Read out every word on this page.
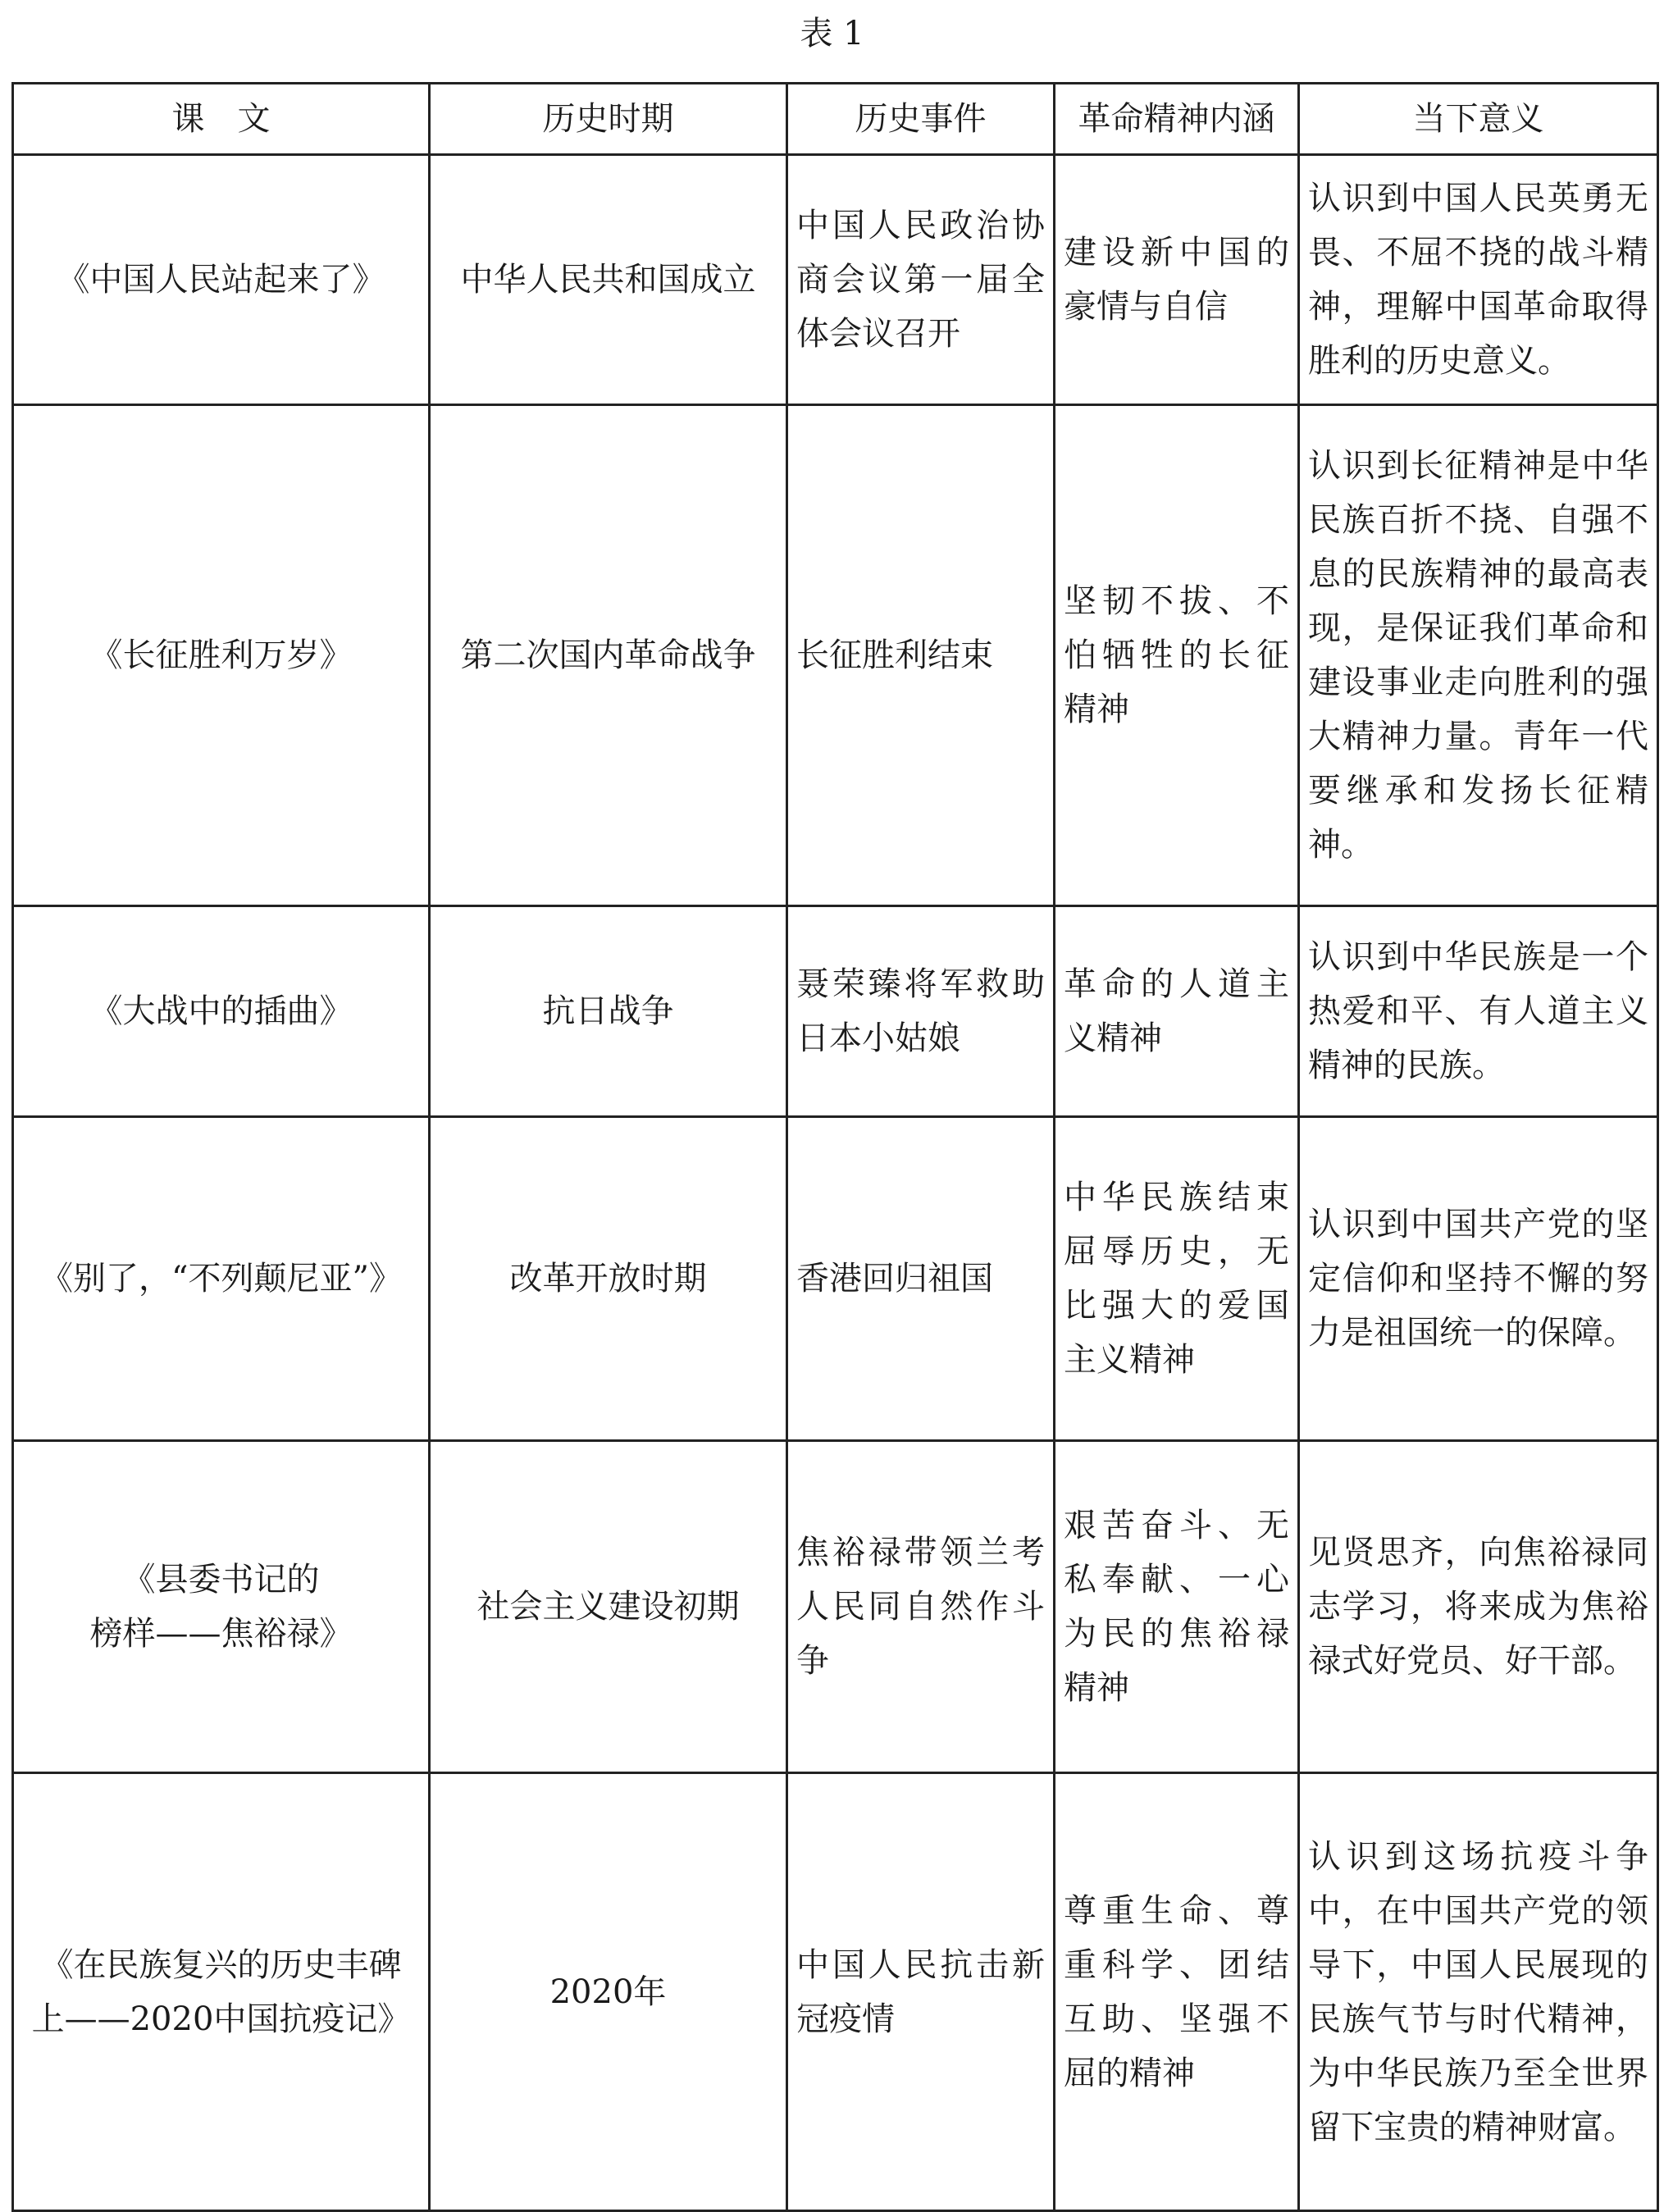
表 1
课　文	历史时期	历史事件	革命精神内涵	当下意义
《中国人民站起来了》	中华人民共和国成立	中国人民政治协商会议第一届全体会议召开	建设新中国的豪情与自信	认识到中国人民英勇无畏、不屈不挠的战斗精神，理解中国革命取得胜利的历史意义。
《长征胜利万岁》	第二次国内革命战争	长征胜利结束	坚韧不拔、不怕牺牲的长征精神	认识到长征精神是中华民族百折不挠、自强不息的民族精神的最高表现，是保证我们革命和建设事业走向胜利的强大精神力量。青年一代要继承和发扬长征精神。
《大战中的插曲》	抗日战争	聂荣臻将军救助日本小姑娘	革命的人道主义精神	认识到中华民族是一个热爱和平、有人道主义精神的民族。
《别了，“不列颠尼亚”》	改革开放时期	香港回归祖国	中华民族结束屈辱历史，无比强大的爱国主义精神	认识到中国共产党的坚定信仰和坚持不懈的努力是祖国统一的保障。

《县委书记的
榜样——焦裕禄》	社会主义建设初期	焦裕禄带领兰考人民同自然作斗争	艰苦奋斗、无私奉献、一心为民的焦裕禄精神	见贤思齐，向焦裕禄同志学习，将来成为焦裕禄式好党员、好干部。

《在民族复兴的历史丰碑
上——2020中国抗疫记》	2020年	中国人民抗击新冠疫情	尊重生命、尊重科学、团结互助、坚强不屈的精神	认识到这场抗疫斗争中，在中国共产党的领导下，中国人民展现的民族气节与时代精神，为中华民族乃至全世界留下宝贵的精神财富。
